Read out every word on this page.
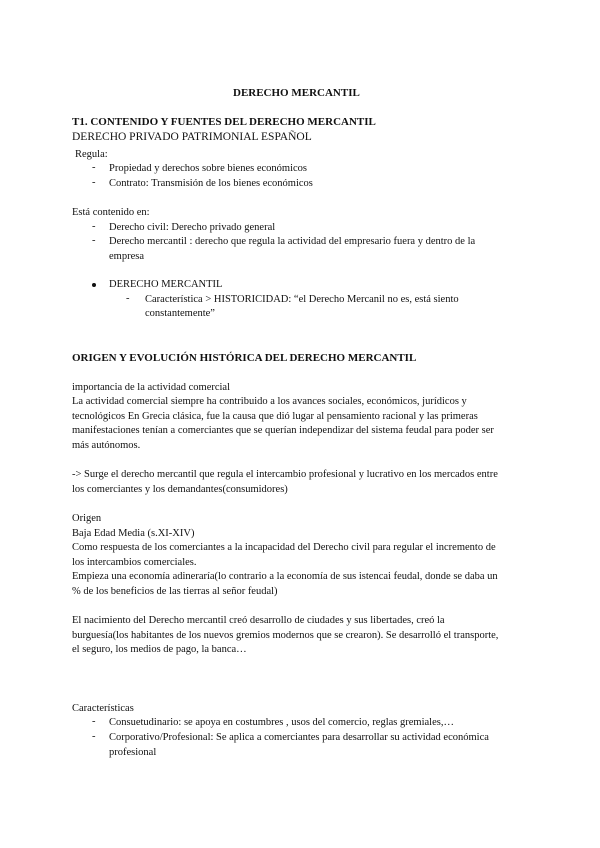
DERECHO MERCANTIL
T1. CONTENIDO Y FUENTES DEL DERECHO MERCANTIL
DERECHO PRIVADO PATRIMONIAL ESPAÑOL
Regula:
- Propiedad y derechos sobre bienes económicos
- Contrato: Transmisión de los bienes económicos
Está contenido en:
- Derecho civil: Derecho privado general
- Derecho mercantil : derecho que regula la actividad del empresario fuera y dentro de la
empresa
DERECHO MERCANTIL
- Característica > HISTORICIDAD: “el Derecho Mercanil no es, está siento
constantemente”
ORIGEN Y EVOLUCIÓN HISTÓRICA DEL DERECHO MERCANTIL
importancia de la actividad comercial
La actividad comercial siempre ha contribuido a los avances sociales, económicos, jurídicos y
tecnológicos En Grecia clásica, fue la causa que dió lugar al pensamiento racional y las primeras
manifestaciones tenían a comerciantes que se querían independizar del sistema feudal para poder ser
más autónomos.
-> Surge el derecho mercantil que regula el intercambio profesional y lucrativo en los mercados entre
los comerciantes y los demandantes(consumidores)
Origen
Baja Edad Media (s.XI-XIV)
Como respuesta de los comerciantes a la incapacidad del Derecho civil para regular el incremento de
los intercambios comerciales.
Empieza una economía adineraría(lo contrario a la economía de sus istencai feudal, donde se daba un
% de los beneficios de las tierras al señor feudal)
El nacimiento del Derecho mercantil creó desarrollo de ciudades y sus libertades, creó la
burguesía(los habitantes de los nuevos gremios modernos que se crearon). Se desarrolló el transporte,
el seguro, los medios de pago, la banca…
Características
- Consuetudinario: se apoya en costumbres , usos del comercio, reglas gremiales,…
- Corporativo/Profesional: Se aplica a comerciantes para desarrollar su actividad económica
profesional
